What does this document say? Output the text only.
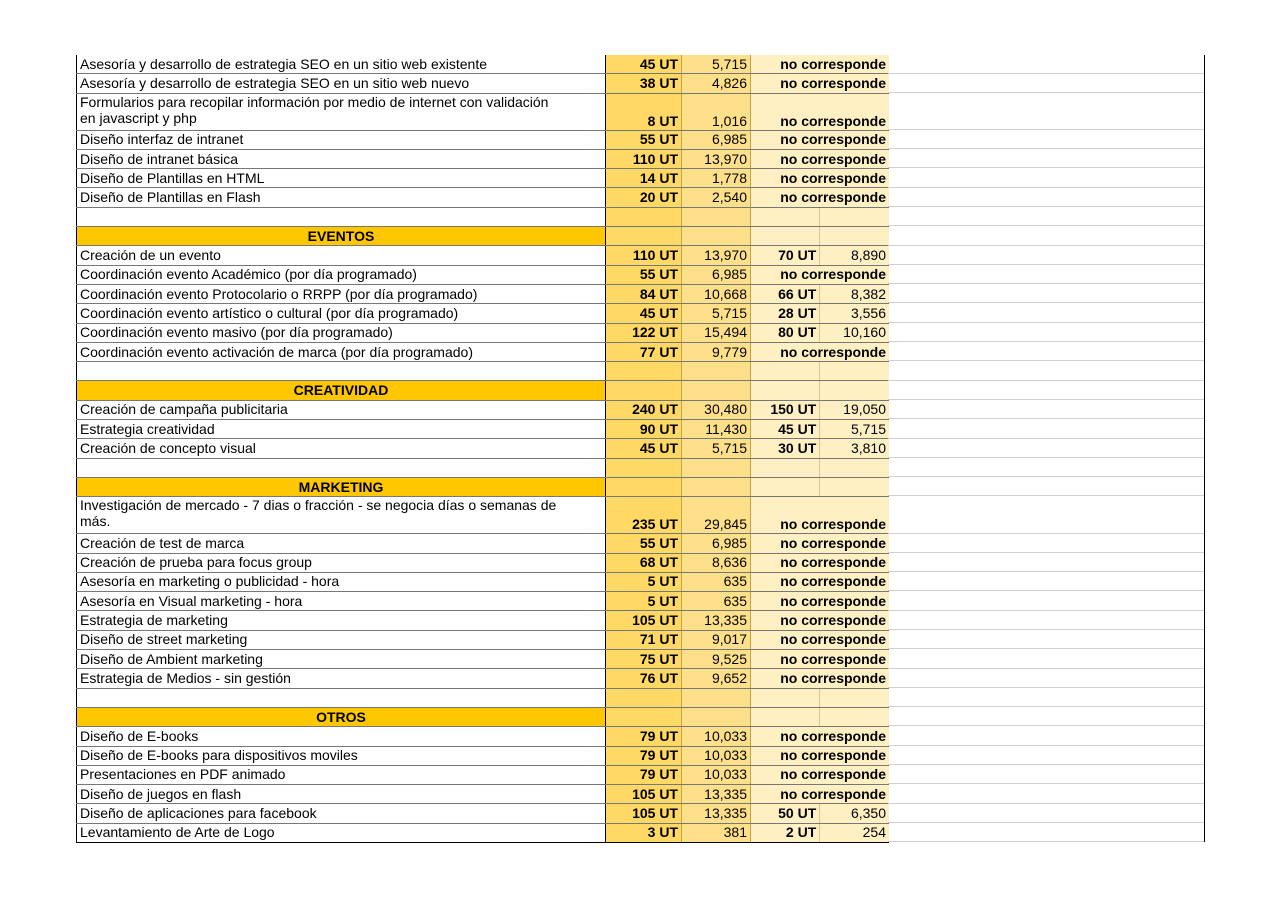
Asesoría y desarrollo de estrategia SEO en un sitio web existente	45 UT	5,715	no corresponde	
Asesoría y desarrollo de estrategia SEO en un sitio web nuevo	38 UT	4,826	no corresponde	

Formularios para recopilar información por medio de internet con validación
en javascript y php	8 UT	1,016	no corresponde	
Diseño interfaz de intranet	55 UT	6,985	no corresponde	
Diseño de intranet básica	110 UT	13,970	no corresponde	
Diseño de Plantillas en HTML	14 UT	1,778	no corresponde	
Diseño de Plantillas en Flash	20 UT	2,540	no corresponde	

EVENTOS				
Creación de un evento	110 UT	13,970	70 UT	8,890
Coordinación evento Académico (por día programado)	55 UT	6,985	no corresponde	
Coordinación evento Protocolario o RRPP (por día programado)	84 UT	10,668	66 UT	8,382
Coordinación evento artístico o cultural (por día programado)	45 UT	5,715	28 UT	3,556
Coordinación evento masivo (por día programado)	122 UT	15,494	80 UT	10,160
Coordinación evento activación de marca (por día programado)	77 UT	9,779	no corresponde	

CREATIVIDAD				
Creación de campaña publicitaria	240 UT	30,480	150 UT	19,050
Estrategia creatividad	90 UT	11,430	45 UT	5,715
Creación de concepto visual	45 UT	5,715	30 UT	3,810

MARKETING				

Investigación de mercado - 7 dias o fracción - se negocia días o semanas de
más.	235 UT	29,845	no corresponde	
Creación de test de marca	55 UT	6,985	no corresponde	
Creación de prueba para focus group	68 UT	8,636	no corresponde	
Asesoría en marketing o publicidad - hora	5 UT	635	no corresponde	
Asesoría en Visual marketing - hora	5 UT	635	no corresponde	
Estrategia de marketing	105 UT	13,335	no corresponde	
Diseño de street marketing	71 UT	9,017	no corresponde	
Diseño de Ambient marketing	75 UT	9,525	no corresponde	
Estrategia de Medios - sin gestión	76 UT	9,652	no corresponde	

OTROS				
Diseño de E-books	79 UT	10,033	no corresponde	
Diseño de E-books para dispositivos moviles	79 UT	10,033	no corresponde	
Presentaciones en PDF animado	79 UT	10,033	no corresponde	
Diseño de juegos en flash	105 UT	13,335	no corresponde	
Diseño de aplicaciones para facebook	105 UT	13,335	50 UT	6,350
Levantamiento de Arte de Logo	3 UT	381	2 UT	254
